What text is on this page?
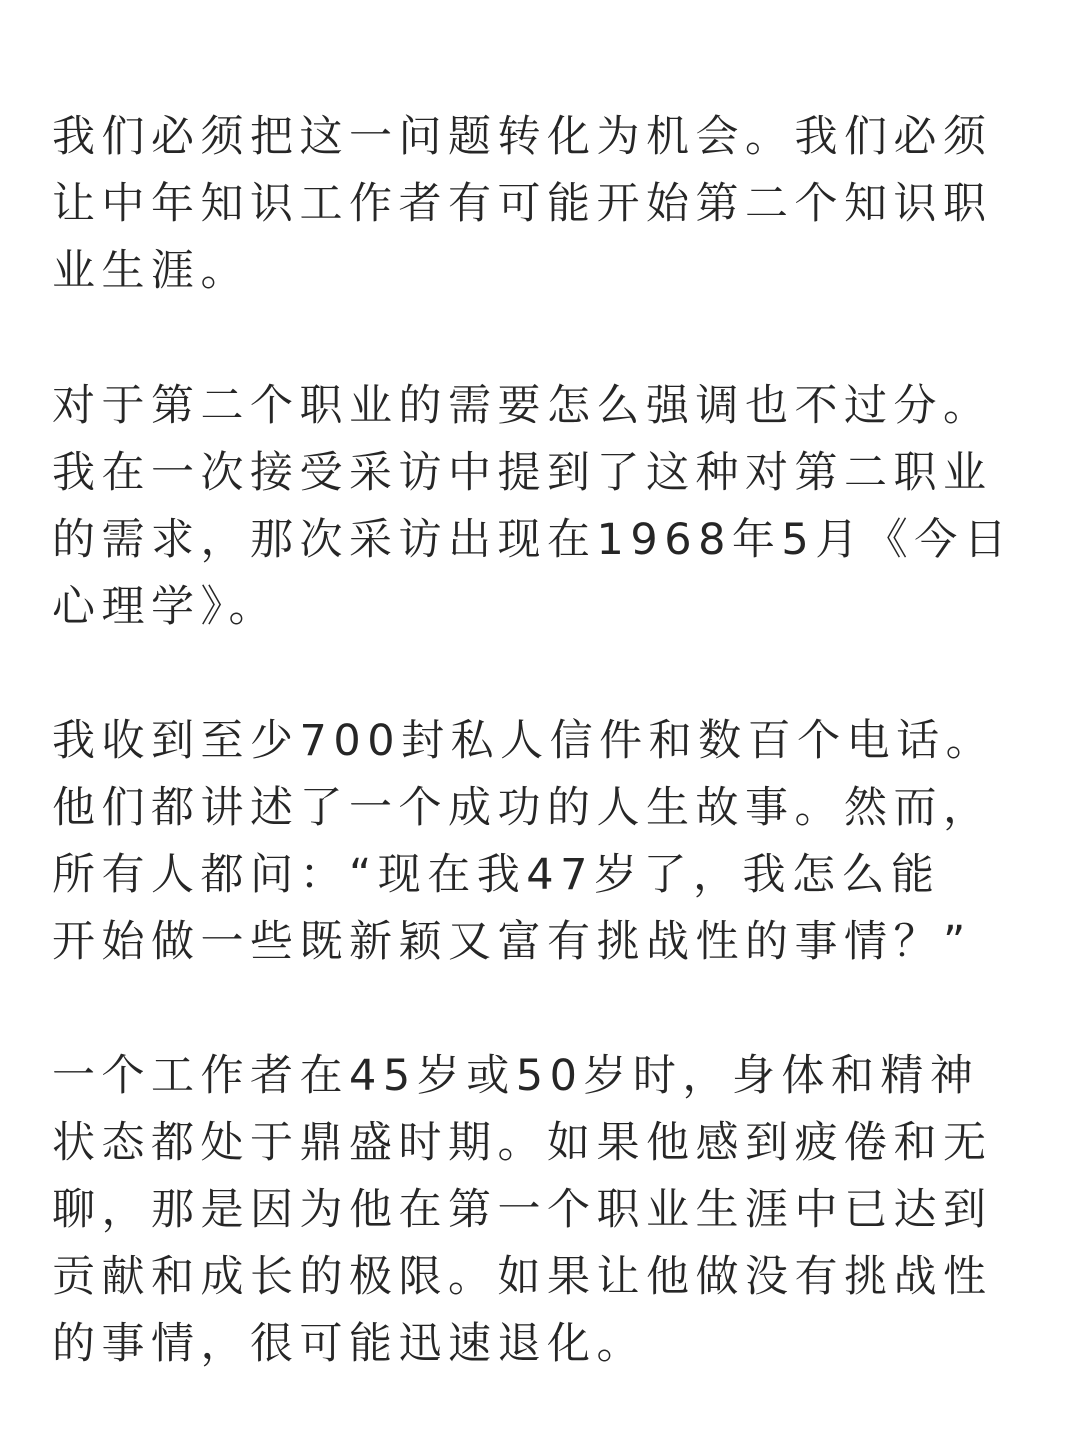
我们必须把这一问题转化为机会。我们必须
让中年知识工作者有可能开始第二个知识职
业生涯。

对于第二个职业的需要怎么强调也不过分。
我在一次接受采访中提到了这种对第二职业
的需求，那次采访出现在1968年5月《今日
心理学》。

我收到至少700封私人信件和数百个电话。
他们都讲述了一个成功的人生故事。然而，
所有人都问：“现在我47岁了，我怎么能
开始做一些既新颖又富有挑战性的事情？”

一个工作者在45岁或50岁时，身体和精神
状态都处于鼎盛时期。如果他感到疲倦和无
聊，那是因为他在第一个职业生涯中已达到
贡献和成长的极限。如果让他做没有挑战性
的事情，很可能迅速退化。
